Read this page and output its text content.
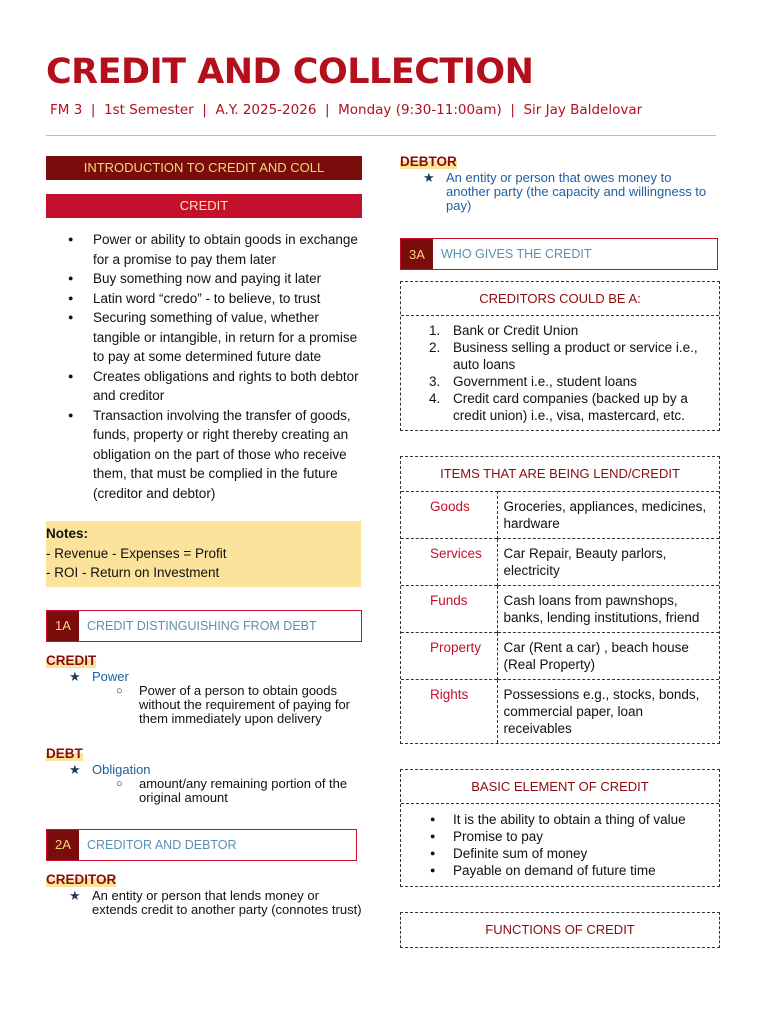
CREDIT AND COLLECTION
FM 3  |  1st Semester  |  A.Y. 2025-2026  |  Monday (9:30-11:00am)  |  Sir Jay Baldelovar
INTRODUCTION TO CREDIT AND COLL
CREDIT
● Power or ability to obtain goods in exchange for a promise to pay them later
● Buy something now and paying it later
● Latin word “credo” - to believe, to trust
● Securing something of value, whether tangible or intangible, in return for a promise to pay at some determined future date
● Creates obligations and rights to both debtor and creditor
● Transaction involving the transfer of goods, funds, property or right thereby creating an obligation on the part of those who receive them, that must be complied in the future (creditor and debtor)
Notes:
- Revenue - Expenses = Profit
- ROI - Return on Investment
1A	CREDIT DISTINGUISHING FROM DEBT
CREDIT
★ Power
○ Power of a person to obtain goods without the requirement of paying for them immediately upon delivery
DEBT
★ Obligation
○ amount/any remaining portion of the original amount
2A	CREDITOR AND DEBTOR
CREDITOR
★ An entity or person that lends money or extends credit to another party (connotes trust)
DEBTOR
★ An entity or person that owes money to another party (the capacity and willingness to pay)
3A	WHO GIVES THE CREDIT
CREDITORS COULD BE A:
1. Bank or Credit Union
2. Business selling a product or service i.e., auto loans
3. Government i.e., student loans
4. Credit card companies (backed up by a credit union) i.e., visa, mastercard, etc.
ITEMS THAT ARE BEING LEND/CREDIT
Goods	Groceries, appliances, medicines, hardware
Services	Car Repair, Beauty parlors, electricity
Funds	Cash loans from pawnshops, banks, lending institutions, friend
Property	Car (Rent a car) , beach house (Real Property)
Rights	Possessions e.g., stocks, bonds, commercial paper, loan receivables
BASIC ELEMENT OF CREDIT
● It is the ability to obtain a thing of value
● Promise to pay
● Definite sum of money
● Payable on demand of future time
FUNCTIONS OF CREDIT
